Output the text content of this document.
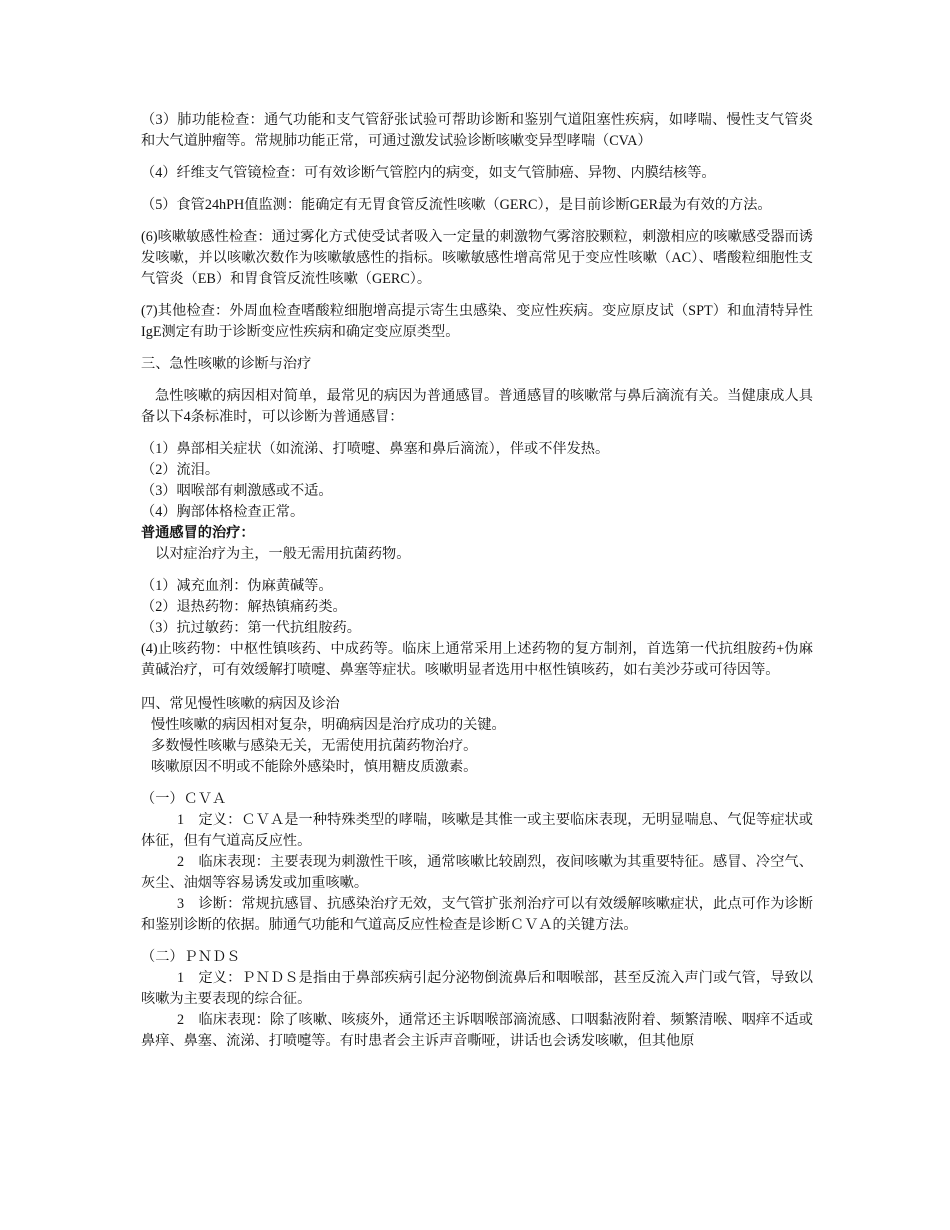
（3）肺功能检查：通气功能和支气管舒张试验可帮助诊断和鉴别气道阻塞性疾病，如哮喘、慢性支气管炎和大气道肿瘤等。常规肺功能正常，可通过激发试验诊断咳嗽变异型哮喘（CVA）

（4）纤维支气管镜检查：可有效诊断气管腔内的病变，如支气管肺癌、异物、内膜结核等。

（5）食管24hPH值监测：能确定有无胃食管反流性咳嗽（GERC），是目前诊断GER最为有效的方法。

(6)咳嗽敏感性检查：通过雾化方式使受试者吸入一定量的刺激物气雾溶胶颗粒，刺激相应的咳嗽感受器而诱发咳嗽，并以咳嗽次数作为咳嗽敏感性的指标。咳嗽敏感性增高常见于变应性咳嗽（AC）、嗜酸粒细胞性支气管炎（EB）和胃食管反流性咳嗽（GERC）。

(7)其他检查：外周血检查嗜酸粒细胞增高提示寄生虫感染、变应性疾病。变应原皮试（SPT）和血清特异性IgE测定有助于诊断变应性疾病和确定变应原类型。

三、急性咳嗽的诊断与治疗

急性咳嗽的病因相对简单，最常见的病因为普通感冒。普通感冒的咳嗽常与鼻后滴流有关。当健康成人具备以下4条标准时，可以诊断为普通感冒：

（1）鼻部相关症状（如流涕、打喷嚏、鼻塞和鼻后滴流），伴或不伴发热。

（2）流泪。

（3）咽喉部有刺激感或不适。

（4）胸部体格检查正常。

普通感冒的治疗：

以对症治疗为主，一般无需用抗菌药物。

（1）减充血剂：伪麻黄碱等。

（2）退热药物：解热镇痛药类。

（3）抗过敏药：第一代抗组胺药。

(4)止咳药物：中枢性镇咳药、中成药等。临床上通常采用上述药物的复方制剂，首选第一代抗组胺药+伪麻黄碱治疗，可有效缓解打喷嚏、鼻塞等症状。咳嗽明显者选用中枢性镇咳药，如右美沙芬或可待因等。

四、常见慢性咳嗽的病因及诊治

慢性咳嗽的病因相对复杂，明确病因是治疗成功的关键。

多数慢性咳嗽与感染无关，无需使用抗菌药物治疗。

咳嗽原因不明或不能除外感染时，慎用糖皮质激素。

（一）ＣＶＡ

1　定义：ＣＶＡ是一种特殊类型的哮喘，咳嗽是其惟一或主要临床表现，无明显喘息、气促等症状或体征，但有气道高反应性。

2　临床表现：主要表现为刺激性干咳，通常咳嗽比较剧烈，夜间咳嗽为其重要特征。感冒、冷空气、灰尘、油烟等容易诱发或加重咳嗽。

3　诊断：常规抗感冒、抗感染治疗无效，支气管扩张剂治疗可以有效缓解咳嗽症状，此点可作为诊断和鉴别诊断的依据。肺通气功能和气道高反应性检查是诊断ＣＶＡ的关键方法。

（二）ＰＮＤＳ

1　定义：ＰＮＤＳ是指由于鼻部疾病引起分泌物倒流鼻后和咽喉部，甚至反流入声门或气管，导致以咳嗽为主要表现的综合征。

2　临床表现：除了咳嗽、咳痰外，通常还主诉咽喉部滴流感、口咽黏液附着、频繁清喉、咽痒不适或鼻痒、鼻塞、流涕、打喷嚏等。有时患者会主诉声音嘶哑，讲话也会诱发咳嗽，但其他原
